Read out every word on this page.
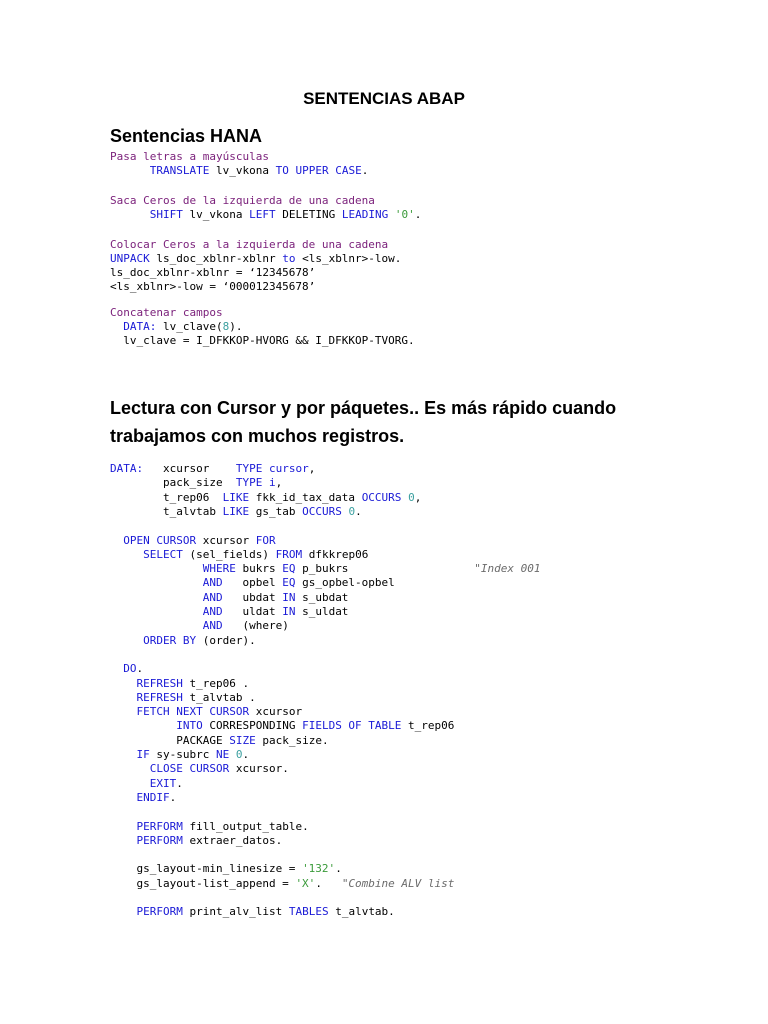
SENTENCIAS ABAP
Sentencias HANA
Pasa letras a mayúsculas
TRANSLATE lv_vkona TO UPPER CASE.
Saca Ceros de la izquierda de una cadena
SHIFT lv_vkona LEFT DELETING LEADING '0'.
Colocar Ceros a la izquierda de una cadena
UNPACK ls_doc_xblnr-xblnr to <ls_xblnr>-low.
ls_doc_xblnr-xblnr = ‘12345678’
<ls_xblnr>-low = ‘000012345678’
Concatenar campos
DATA: lv_clave(8).
lv_clave = I_DFKKOP-HVORG && I_DFKKOP-TVORG.
Lectura con Cursor y por páquetes.. Es más rápido cuando
trabajamos con muchos registros.
DATA:   xcursor    TYPE cursor,
pack_size  TYPE i,
t_rep06  LIKE fkk_id_tax_data OCCURS 0,
t_alvtab LIKE gs_tab OCCURS 0.
OPEN CURSOR xcursor FOR
SELECT (sel_fields) FROM dfkkrep06
WHERE bukrs EQ p_bukrs                   "Index 001
AND   opbel EQ gs_opbel-opbel
AND   ubdat IN s_ubdat
AND   uldat IN s_uldat
AND   (where)
ORDER BY (order).
DO.
REFRESH t_rep06 .
REFRESH t_alvtab .
FETCH NEXT CURSOR xcursor
INTO CORRESPONDING FIELDS OF TABLE t_rep06
PACKAGE SIZE pack_size.
IF sy-subrc NE 0.
CLOSE CURSOR xcursor.
EXIT.
ENDIF.
PERFORM fill_output_table.
PERFORM extraer_datos.
gs_layout-min_linesize = '132'.
gs_layout-list_append = 'X'.   "Combine ALV list
PERFORM print_alv_list TABLES t_alvtab.
